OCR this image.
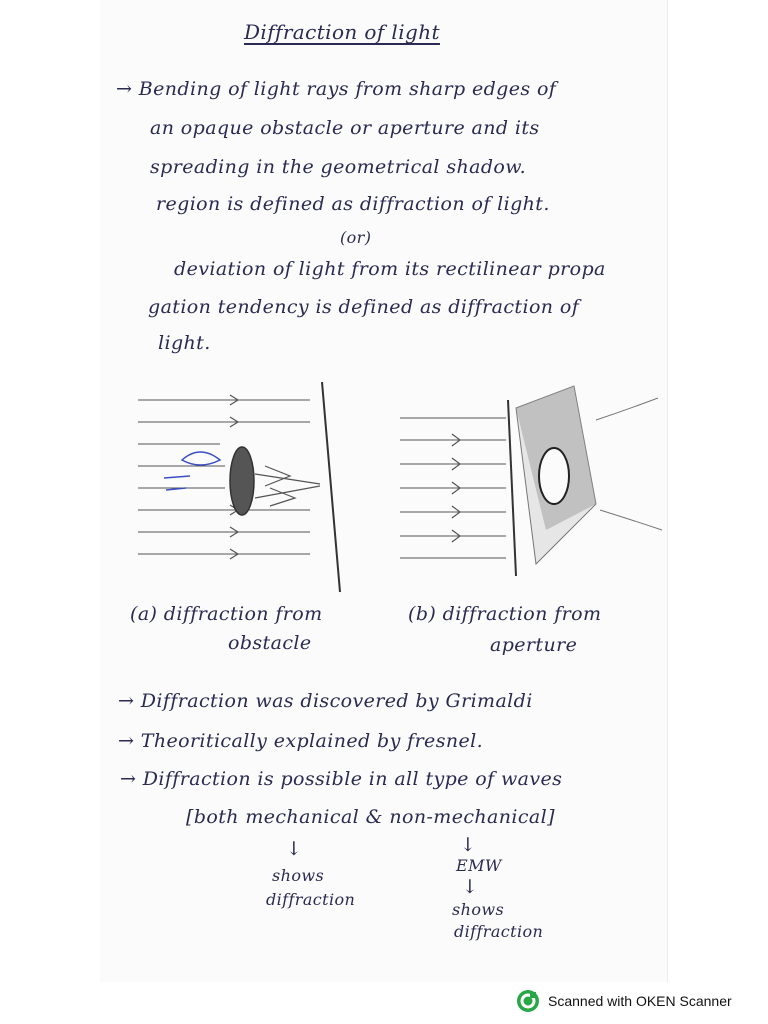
Diffraction of light
→ Bending of light rays from sharp edges of
an opaque obstacle or aperture and its
spreading in the geometrical shadow.
region is defined as diffraction of light.
(or)
deviation of light from its rectilinear propa
gation tendency is defined as diffraction of
light.
(a) diffraction from
obstacle
(b) diffraction from
aperture
→ Diffraction was discovered by Grimaldi
→ Theoritically explained by fresnel.
→ Diffraction is possible in all type of waves
[both mechanical & non-mechanical]
↓
shows
diffraction
↓
EMW
↓
shows
diffraction
Scanned with OKEN Scanner
